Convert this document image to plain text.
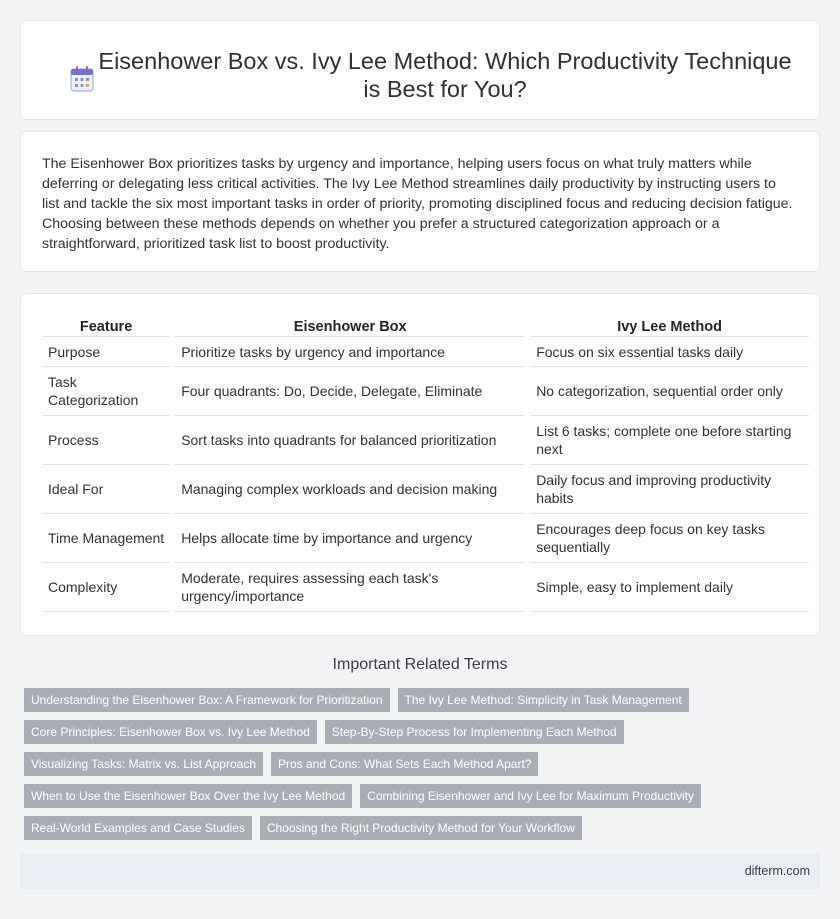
Eisenhower Box vs. Ivy Lee Method: Which Productivity Technique is Best for You?

The Eisenhower Box prioritizes tasks by urgency and importance, helping users focus on what truly matters while deferring or delegating less critical activities. The Ivy Lee Method streamlines daily productivity by instructing users to list and tackle the six most important tasks in order of priority, promoting disciplined focus and reducing decision fatigue. Choosing between these methods depends on whether you prefer a structured categorization approach or a straightforward, prioritized task list to boost productivity.

Feature	Eisenhower Box	Ivy Lee Method
Purpose	Prioritize tasks by urgency and importance	Focus on six essential tasks daily
Task Categorization	Four quadrants: Do, Decide, Delegate, Eliminate	No categorization, sequential order only
Process	Sort tasks into quadrants for balanced prioritization	List 6 tasks; complete one before starting next
Ideal For	Managing complex workloads and decision making	Daily focus and improving productivity habits
Time Management	Helps allocate time by importance and urgency	Encourages deep focus on key tasks sequentially
Complexity	Moderate, requires assessing each task's urgency/importance	Simple, easy to implement daily
Important Related Terms
Understanding the Eisenhower Box: A Framework for Prioritization	The Ivy Lee Method: Simplicity in Task Management
Core Principles: Eisenhower Box vs. Ivy Lee Method	Step-By-Step Process for Implementing Each Method
Visualizing Tasks: Matrix vs. List Approach	Pros and Cons: What Sets Each Method Apart?
When to Use the Eisenhower Box Over the Ivy Lee Method	Combining Eisenhower and Ivy Lee for Maximum Productivity
Real-World Examples and Case Studies	Choosing the Right Productivity Method for Your Workflow
difterm.com
